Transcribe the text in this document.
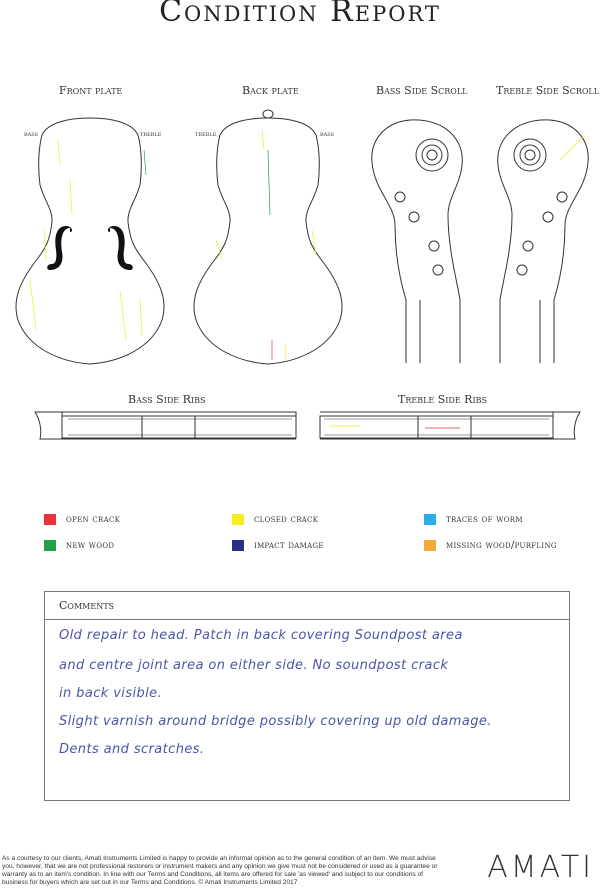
Condition Report
Front plate	Back plate	Bass Side Scroll	Treble Side Scroll
bass	treble	treble	bass
Bass Side Ribs	Treble Side Ribs
open crack	closed crack	traces of worm
new wood	impact damage	missing wood/purfling
Comments
Old repair to head. Patch in back covering Soundpost area
and centre joint area on either side. No soundpost crack
in back visible.
Slight varnish around bridge possibly covering up old damage.
Dents and scratches.
As a courtesy to our clients, Amati Instruments Limited is happy to provide an informal opinion as to the general condition of an item. We must advise you, however, that we are not professional restorers or instrument makers and any opinion we give must not be considered or used as a guarantee or warranty as to an item's condition. In line with our Terms and Conditions, all items are offered for sale 'as viewed' and subject to our conditions of business for buyers which are set out in our Terms and Conditions. © Amati Instruments Limited 2017	AMATI
